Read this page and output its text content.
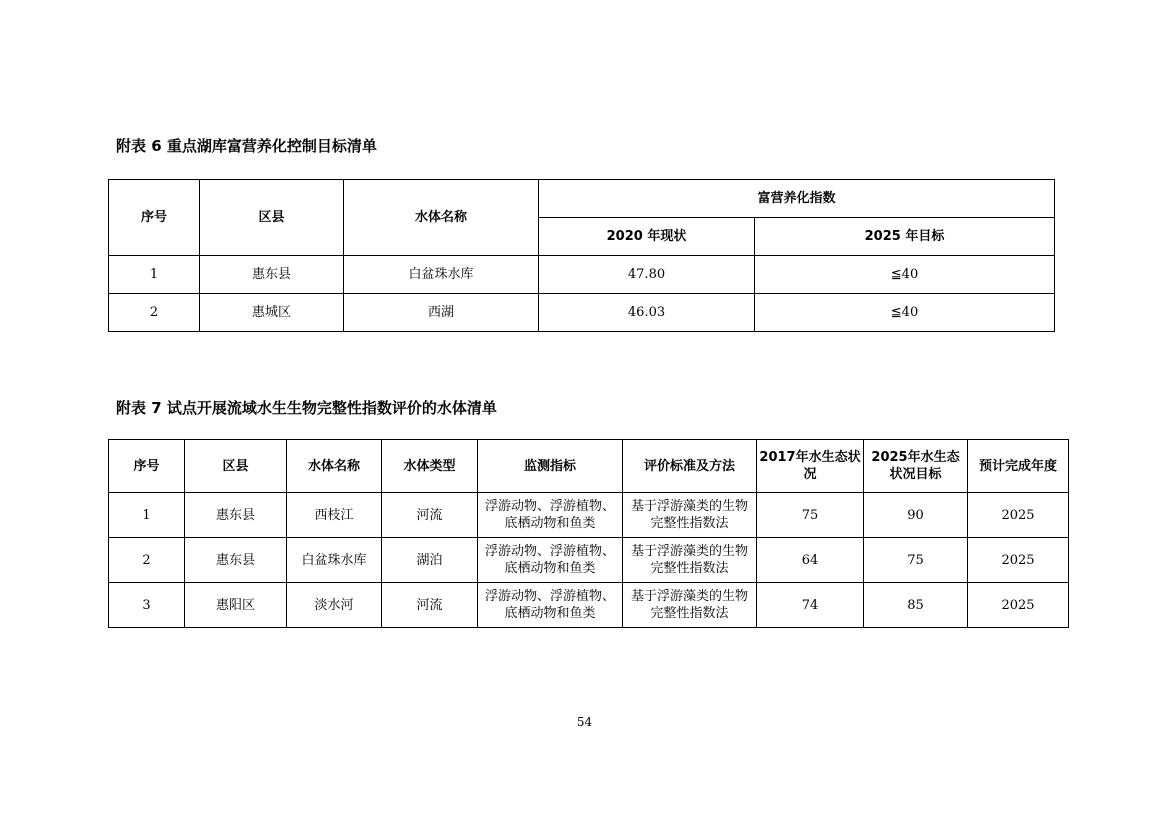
附表 6 重点湖库富营养化控制目标清单
序号	区县	水体名称	富营养化指数	
			2020 年现状	2025 年目标
1	惠东县	白盆珠水库	47.80	≦40
2	惠城区	西湖	46.03	≦40
附表 7 试点开展流域水生生物完整性指数评价的水体清单
序号	区县	水体名称	水体类型	监测指标	评价标准及方法	2017年水生态状况	2025年水生态状况目标	预计完成年度
1	惠东县	西枝江	河流	浮游动物、浮游植物、底栖动物和鱼类	基于浮游藻类的生物完整性指数法	75	90	2025
2	惠东县	白盆珠水库	湖泊	浮游动物、浮游植物、底栖动物和鱼类	基于浮游藻类的生物完整性指数法	64	75	2025
3	惠阳区	淡水河	河流	浮游动物、浮游植物、底栖动物和鱼类	基于浮游藻类的生物完整性指数法	74	85	2025
54
